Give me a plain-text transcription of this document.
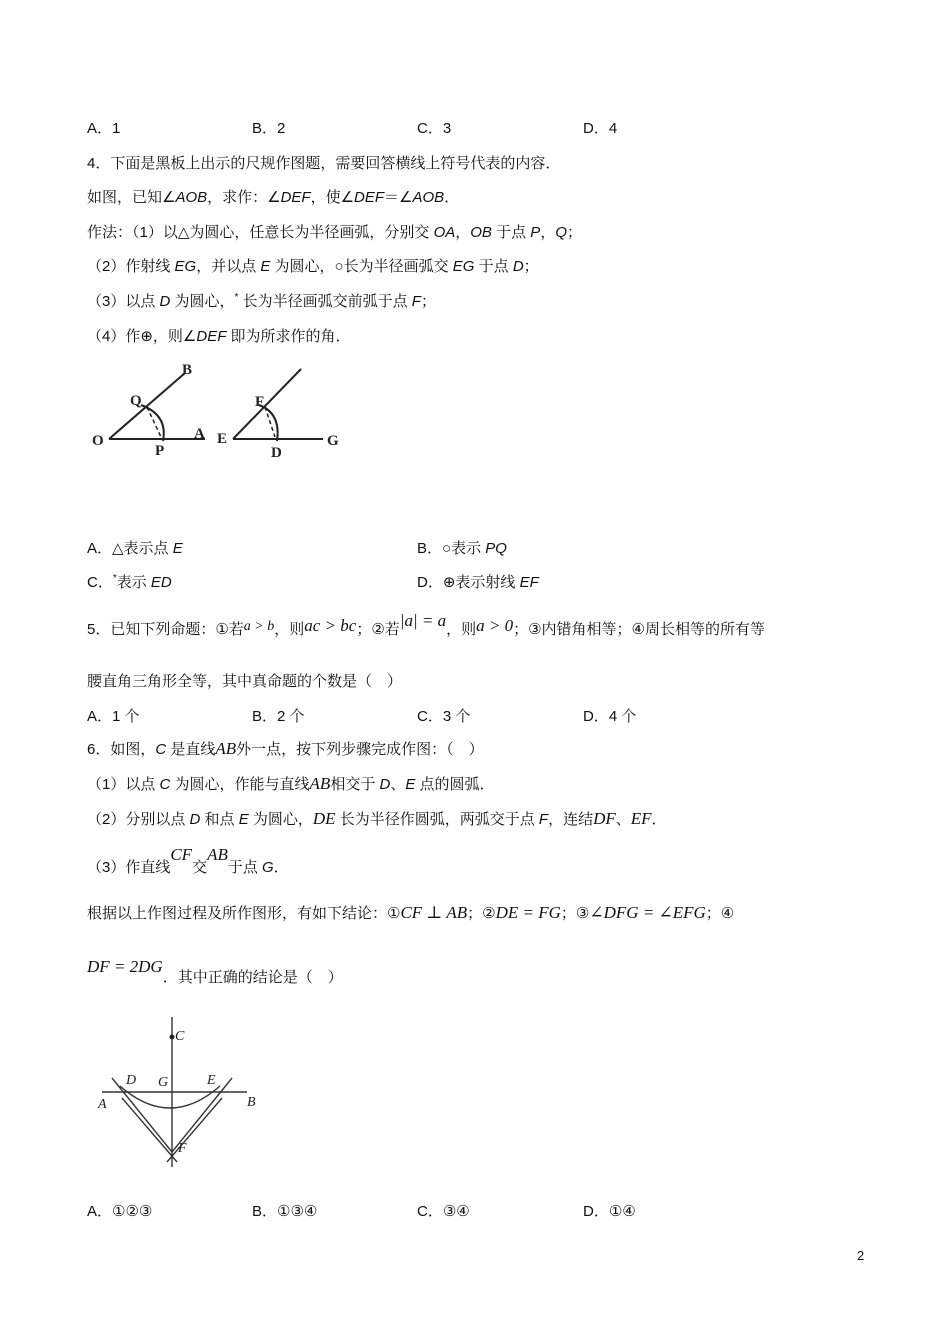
A．1	B．2	C．3	D．4
4．下面是黑板上出示的尺规作图题，需要回答横线上符号代表的内容．
如图，已知∠AOB，求作：∠DEF，使∠DEF＝∠AOB．
作法：（1）以△为圆心，任意长为半径画弧，分别交 OA，OB 于点 P，Q；
（2）作射线 EG，并以点 E 为圆心，○长为半径画弧交 EG 于点 D；
（3）以点 D 为圆心，* 长为半径画弧交前弧于点 F；
（4）作⊕，则∠DEF 即为所求作的角．
B
Q
O
P
A
F
E
D
G
A．△表示点 E	B．○表示 PQ
C．*表示 ED	D．⊕表示射线 EF
5．已知下列命题：①若a > b，则ac > bc；②若|a| = a，则a > 0；③内错角相等；④周长相等的所有等
腰直角三角形全等，其中真命题的个数是（　）
A．1 个	B．2 个	C．3 个	D．4 个
6．如图，C 是直线AB外一点，按下列步骤完成作图：（　）
（1）以点 C 为圆心，作能与直线AB相交于 D、E 点的圆弧．
（2）分别以点 D 和点 E 为圆心，DE 长为半径作圆弧，两弧交于点 F，连结DF、EF．
（3）作直线CF交AB于点 G．
根据以上作图过程及所作图形，有如下结论：①CF ⊥ AB；②DE = FG；③∠DFG = ∠EFG；④
DF = 2DG．其中正确的结论是（　）
C
D G	E
A	B
F
A．①②③	B．①③④	C．③④	D．①④
2
